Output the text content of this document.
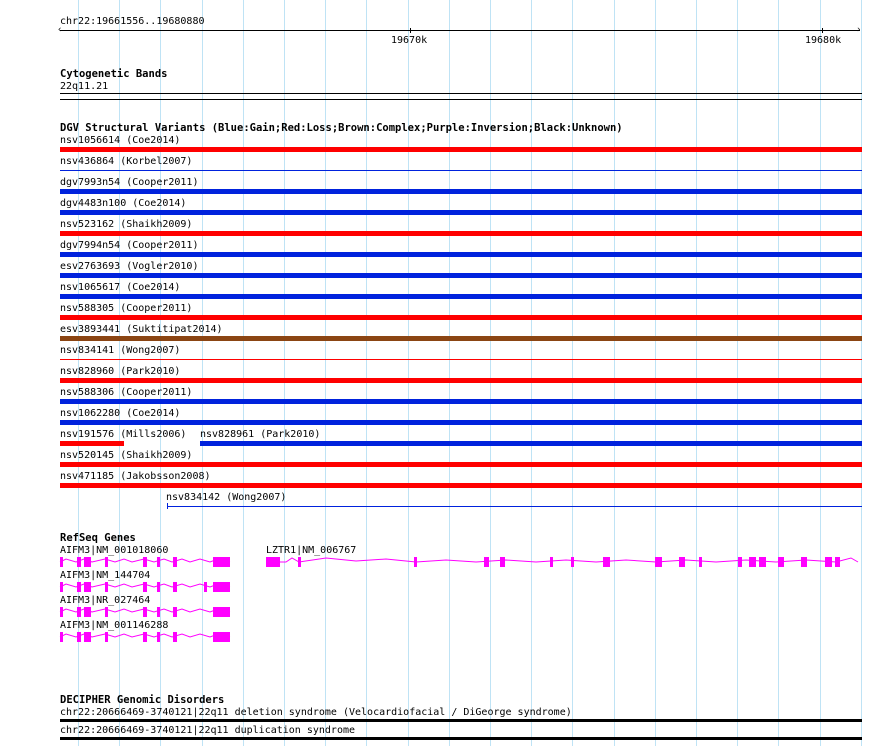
chr22:19661556..19680880
‹	›
19670k	19680k
Cytogenetic Bands
22q11.21
DGV Structural Variants (Blue:Gain;Red:Loss;Brown:Complex;Purple:Inversion;Black:Unknown)
nsv1056614 (Coe2014)
nsv436864 (Korbel2007)
dgv7993n54 (Cooper2011)
dgv4483n100 (Coe2014)
nsv523162 (Shaikh2009)
dgv7994n54 (Cooper2011)
esv2763693 (Vogler2010)
nsv1065617 (Coe2014)
nsv588305 (Cooper2011)
esv3893441 (Suktitipat2014)
nsv834141 (Wong2007)
nsv828960 (Park2010)
nsv588306 (Cooper2011)
nsv1062280 (Coe2014)
nsv191576 (Mills2006) nsv828961 (Park2010)
nsv520145 (Shaikh2009)
nsv471185 (Jakobsson2008)
nsv834142 (Wong2007)
RefSeq Genes
AIFM3|NM_001018060	LZTR1|NM_006767
AIFM3|NM_144704
AIFM3|NR_027464
AIFM3|NM_001146288
DECIPHER Genomic Disorders
chr22:20666469-3740121|22q11 deletion syndrome (Velocardiofacial / DiGeorge syndrome)
chr22:20666469-3740121|22q11 duplication syndrome
